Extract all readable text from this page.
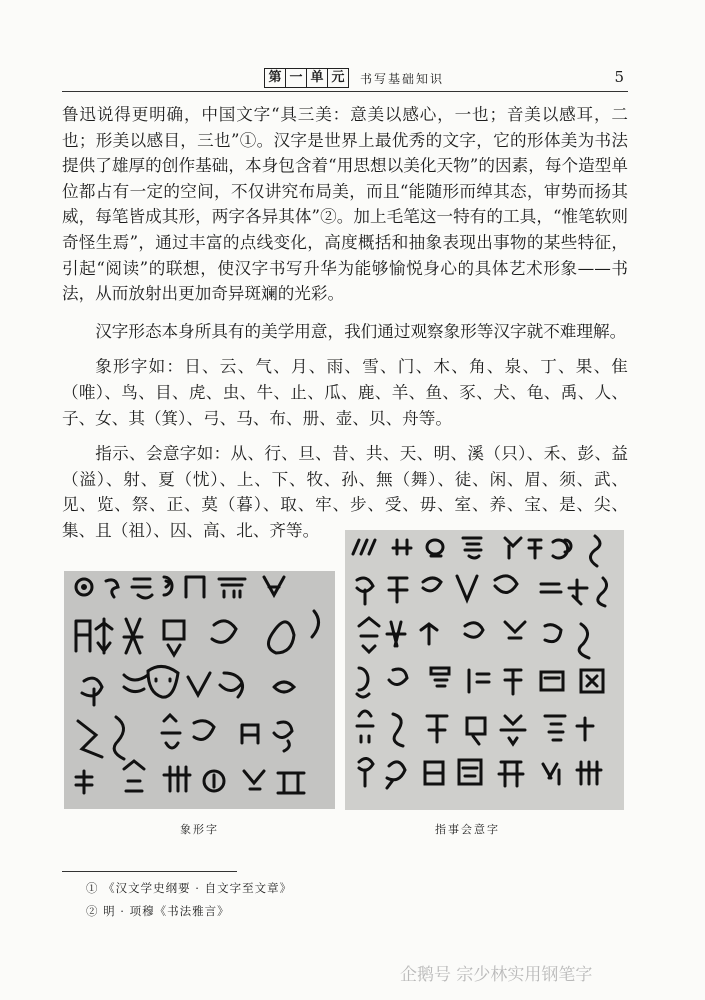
第 一 单 元	书写基础知识	5

鲁迅说得更明确，中国文字“具三美：意美以感心，一也；音美以感耳，二也；形美以感目，三也”①。汉字是世界上最优秀的文字，它的形体美为书法提供了雄厚的创作基础，本身包含着“用思想以美化天物”的因素，每个造型单位都占有一定的空间，不仅讲究布局美，而且“能随形而绰其态，审势而扬其威，每笔皆成其形，两字各异其体”②。加上毛笔这一特有的工具，“惟笔软则奇怪生焉”，通过丰富的点线变化，高度概括和抽象表现出事物的某些特征，引起“阅读”的联想，使汉字书写升华为能够愉悦身心的具体艺术形象——书法，从而放射出更加奇异斑斓的光彩。

汉字形态本身所具有的美学用意，我们通过观察象形等汉字就不难理解。

象形字如：日、云、气、月、雨、雪、门、木、角、泉、丁、果、隹（唯）、鸟、目、虎、虫、牛、止、瓜、鹿、羊、鱼、豕、犬、龟、禹、人、子、女、其（箕）、弓、马、布、册、壶、贝、舟等。

指示、会意字如：从、行、旦、昔、共、天、明、溪（只）、禾、彭、益（溢）、射、夏（忧）、上、下、牧、孙、無（舞）、徒、闲、眉、须、武、见、览、祭、正、莫（暮）、取、牢、步、受、毋、室、养、宝、是、尖、集、且（祖）、囚、高、北、齐等。

象形字	指事会意字
① 《汉文学史纲要 · 自文字至文章》
② 明 · 项穆《书法雅言》
企鹅号 宗少林实用钢笔字
